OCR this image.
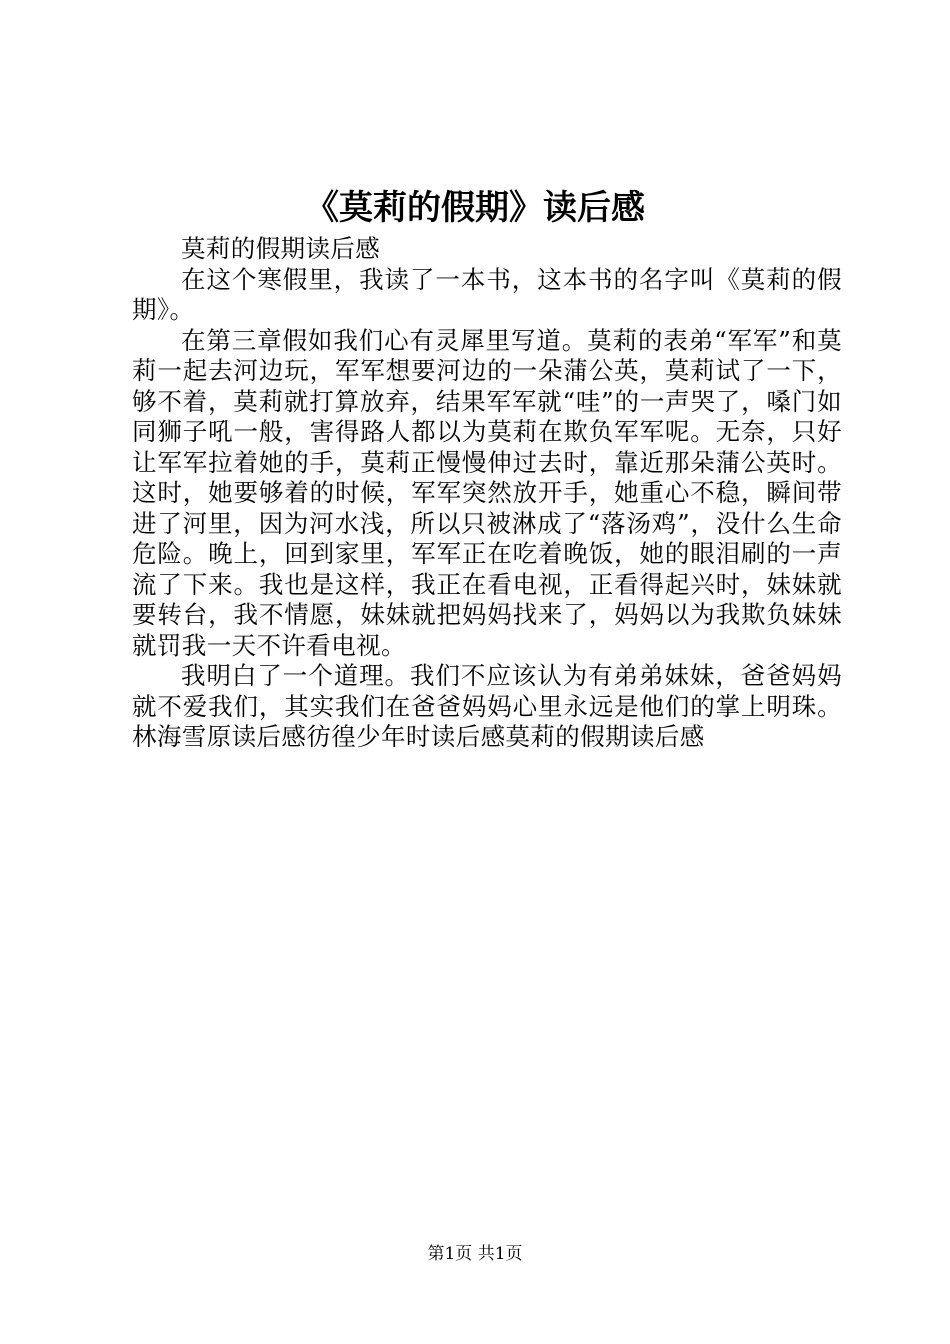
《莫莉的假期》读后感

莫莉的假期读后感

在这个寒假里，我读了一本书，这本书的名字叫《莫莉的假期》。

在第三章假如我们心有灵犀里写道。莫莉的表弟“军军”和莫莉一起去河边玩，军军想要河边的一朵蒲公英，莫莉试了一下，够不着，莫莉就打算放弃，结果军军就“哇”的一声哭了，嗓门如同狮子吼一般，害得路人都以为莫莉在欺负军军呢。无奈，只好让军军拉着她的手，莫莉正慢慢伸过去时，靠近那朵蒲公英时。这时，她要够着的时候，军军突然放开手，她重心不稳，瞬间带进了河里，因为河水浅，所以只被淋成了“落汤鸡”，没什么生命危险。晚上，回到家里，军军正在吃着晚饭，她的眼泪刷的一声流了下来。我也是这样，我正在看电视，正看得起兴时，妹妹就要转台，我不情愿，妹妹就把妈妈找来了，妈妈以为我欺负妹妹就罚我一天不许看电视。

我明白了一个道理。我们不应该认为有弟弟妹妹，爸爸妈妈就不爱我们，其实我们在爸爸妈妈心里永远是他们的掌上明珠。林海雪原读后感彷徨少年时读后感莫莉的假期读后感

第1页 共1页
